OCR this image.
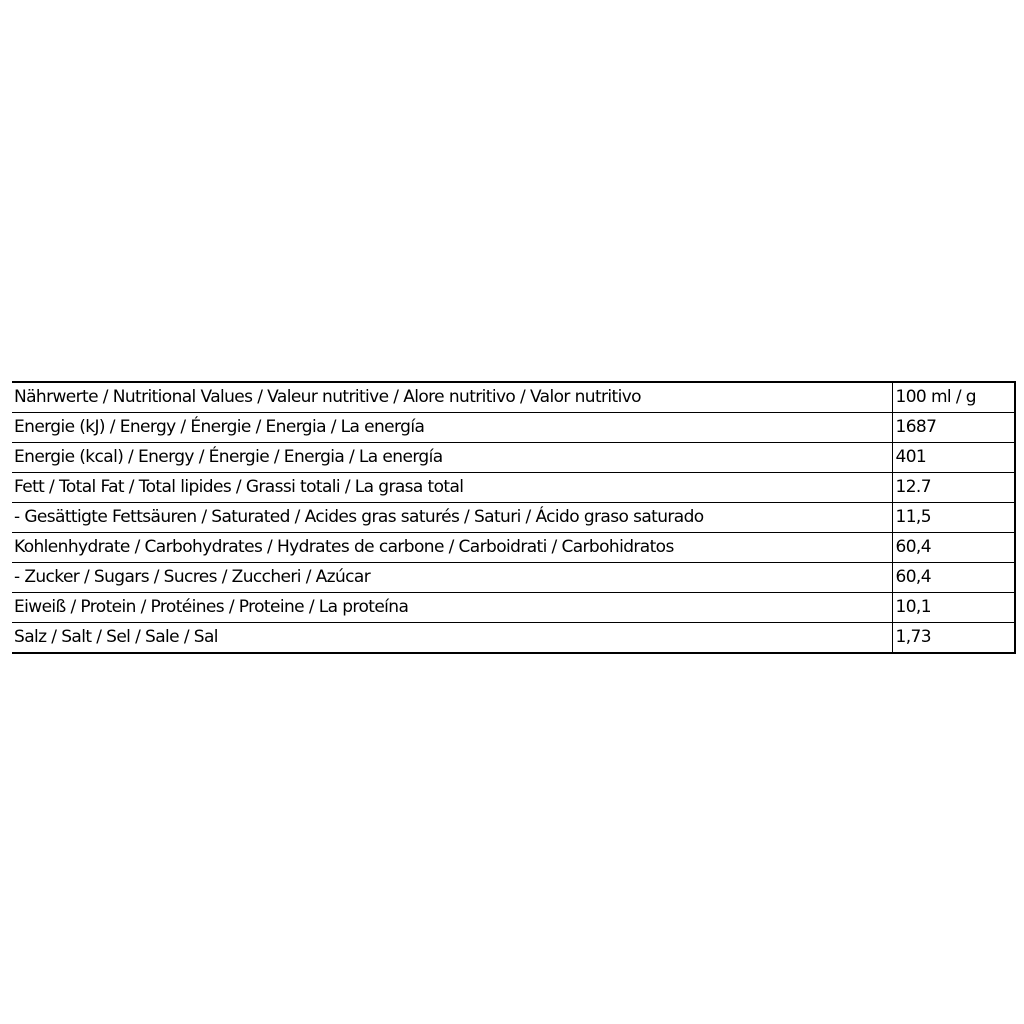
Nährwerte / Nutritional Values / Valeur nutritive / Alore nutritivo / Valor nutritivo	100 ml / g
Energie (kJ) / Energy / Énergie / Energia / La energía	1687
Energie (kcal) / Energy / Énergie / Energia / La energía	401
Fett / Total Fat / Total lipides / Grassi totali / La grasa total	12.7
- Gesättigte Fettsäuren / Saturated / Acides gras saturés / Saturi / Ácido graso saturado	11,5
Kohlenhydrate / Carbohydrates / Hydrates de carbone / Carboidrati / Carbohidratos	60,4
- Zucker / Sugars / Sucres / Zuccheri / Azúcar	60,4
Eiweiß / Protein / Protéines / Proteine / La proteína	10,1
Salz / Salt / Sel / Sale / Sal	1,73
